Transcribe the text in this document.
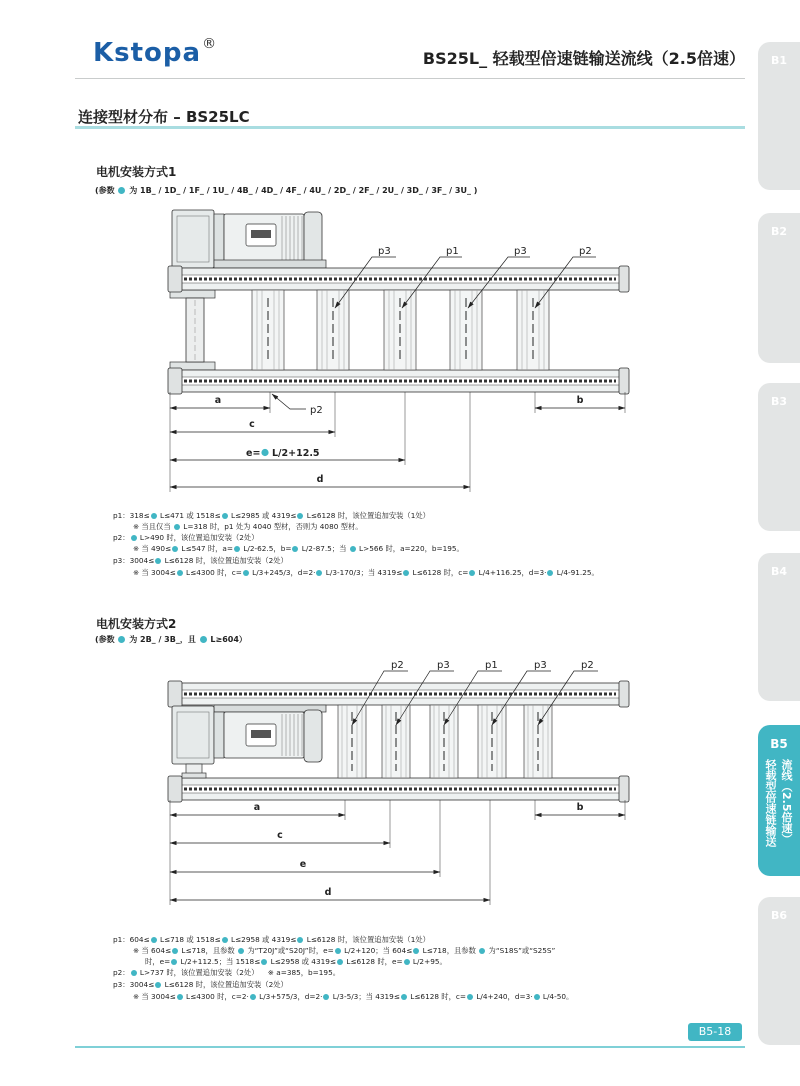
Kstopa®
BS25L_ 轻载型倍速链输送流线（2.5倍速）	B1
B2
B3
B4
B5
轻载型倍速链输送 流线（2.5倍速）
B6
连接型材分布 – BS25LC
电机安装方式1
(参数  为 1B_ / 1D_ / 1F_ / 1U_ / 4B_ / 4D_ / 4F_ / 4U_ / 2D_ / 2F_ / 2U_ / 3D_ / 3F_ / 3U_ )
p3	p1	p3	p2
a
p2
b
c
e= L/2+12.5
d
p1：318≤ L≤471 或 1518≤ L≤2985 或 4319≤ L≤6128 时，该位置追加安装（1处）
※ 当且仅当  L=318 时，p1 处为 4040 型材，否则为 4080 型材。
p2： L>490 时，该位置追加安装（2处）
※ 当 490≤ L≤547 时，a= L/2-62.5，b= L/2-87.5；当  L>566 时，a=220，b=195。
p3：3004≤ L≤6128 时，该位置追加安装（2处）
※ 当 3004≤ L≤4300 时，c= L/3+245/3，d=2· L/3-170/3；当 4319≤ L≤6128 时，c= L/4+116.25，d=3· L/4-91.25。
电机安装方式2
(参数  为 2B_ / 3B_，且  L≥604）
p2	p3	p1	p3	p2
a	b
c
e
d
p1：604≤ L≤718 或 1518≤ L≤2958 或 4319≤ L≤6128 时，该位置追加安装（1处）
※ 当 604≤ L≤718，且参数  为“T20J”或“S20J”时，e= L/2+120；当 604≤ L≤718，且参数  为“S18S”或“S25S”
时，e= L/2+112.5；当 1518≤ L≤2958 或 4319≤ L≤6128 时，e= L/2+95。
p2： L>737 时，该位置追加安装（2处）    ※ a=385，b=195。
p3：3004≤ L≤6128 时，该位置追加安装（2处）
※ 当 3004≤ L≤4300 时，c=2· L/3+575/3，d=2· L/3-5/3；当 4319≤ L≤6128 时，c= L/4+240，d=3· L/4-50。
B5-18
